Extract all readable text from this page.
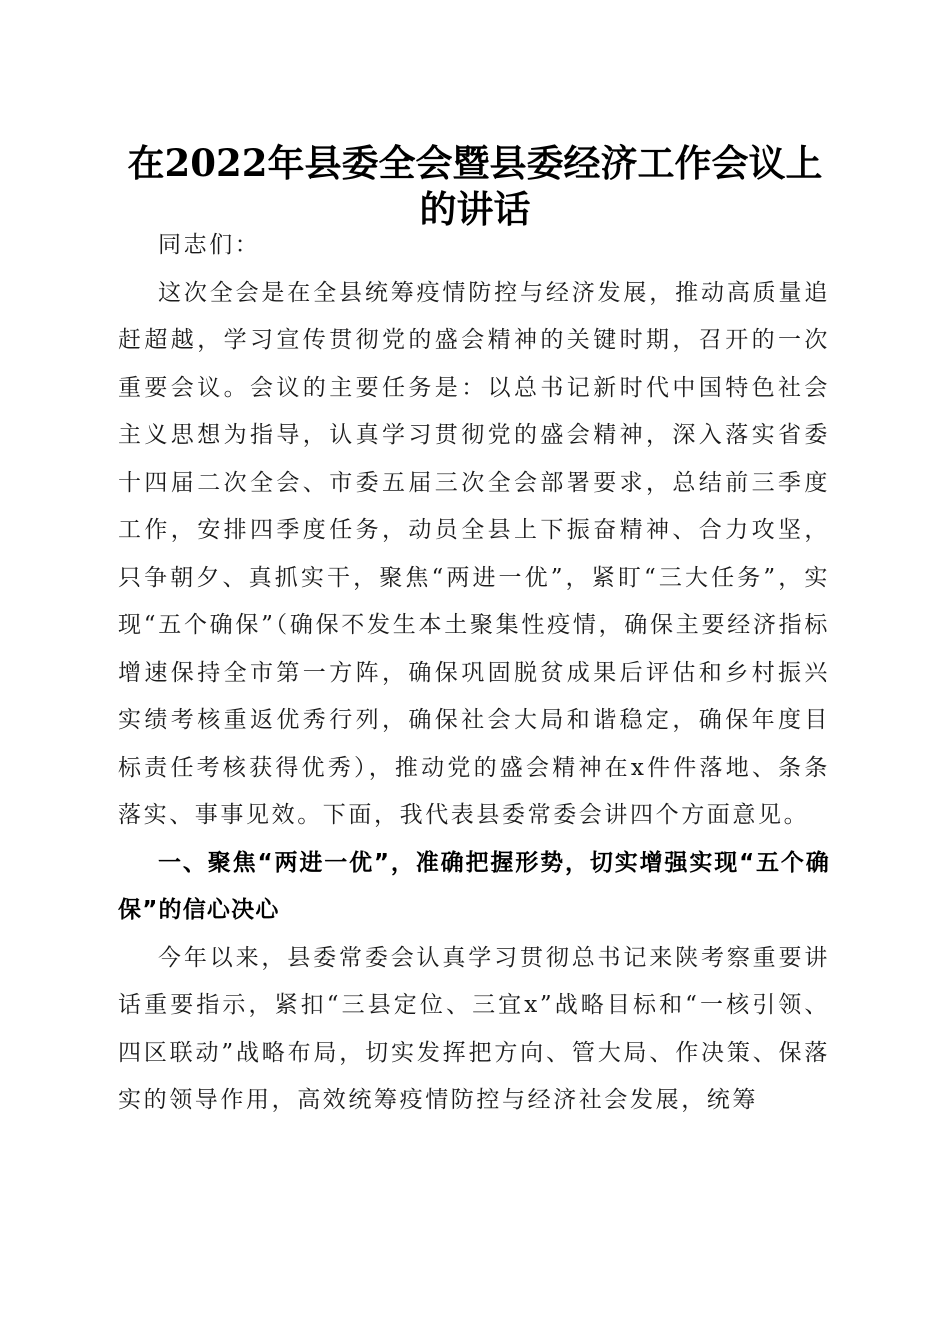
在2022年县委全会暨县委经济工作会议上的讲话

同志们：

这次全会是在全县统筹疫情防控与经济发展，推动高质量追赶超越，学习宣传贯彻党的盛会精神的关键时期，召开的一次重要会议。会议的主要任务是：以总书记新时代中国特色社会主义思想为指导，认真学习贯彻党的盛会精神，深入落实省委十四届二次全会、市委五届三次全会部署要求，总结前三季度工作，安排四季度任务，动员全县上下振奋精神、合力攻坚，只争朝夕、真抓实干，聚焦“两进一优”，紧盯“三大任务”，实现“五个确保”（确保不发生本土聚集性疫情，确保主要经济指标增速保持全市第一方阵，确保巩固脱贫成果后评估和乡村振兴实绩考核重返优秀行列，确保社会大局和谐稳定，确保年度目标责任考核获得优秀），推动党的盛会精神在x件件落地、条条落实、事事见效。下面，我代表县委常委会讲四个方面意见。

一、聚焦“两进一优”，准确把握形势，切实增强实现“五个确保”的信心决心

今年以来，县委常委会认真学习贯彻总书记来陕考察重要讲话重要指示，紧扣“三县定位、三宜x”战略目标和“一核引领、四区联动”战略布局，切实发挥把方向、管大局、作决策、保落实的领导作用，高效统筹疫情防控与经济社会发展，统筹
